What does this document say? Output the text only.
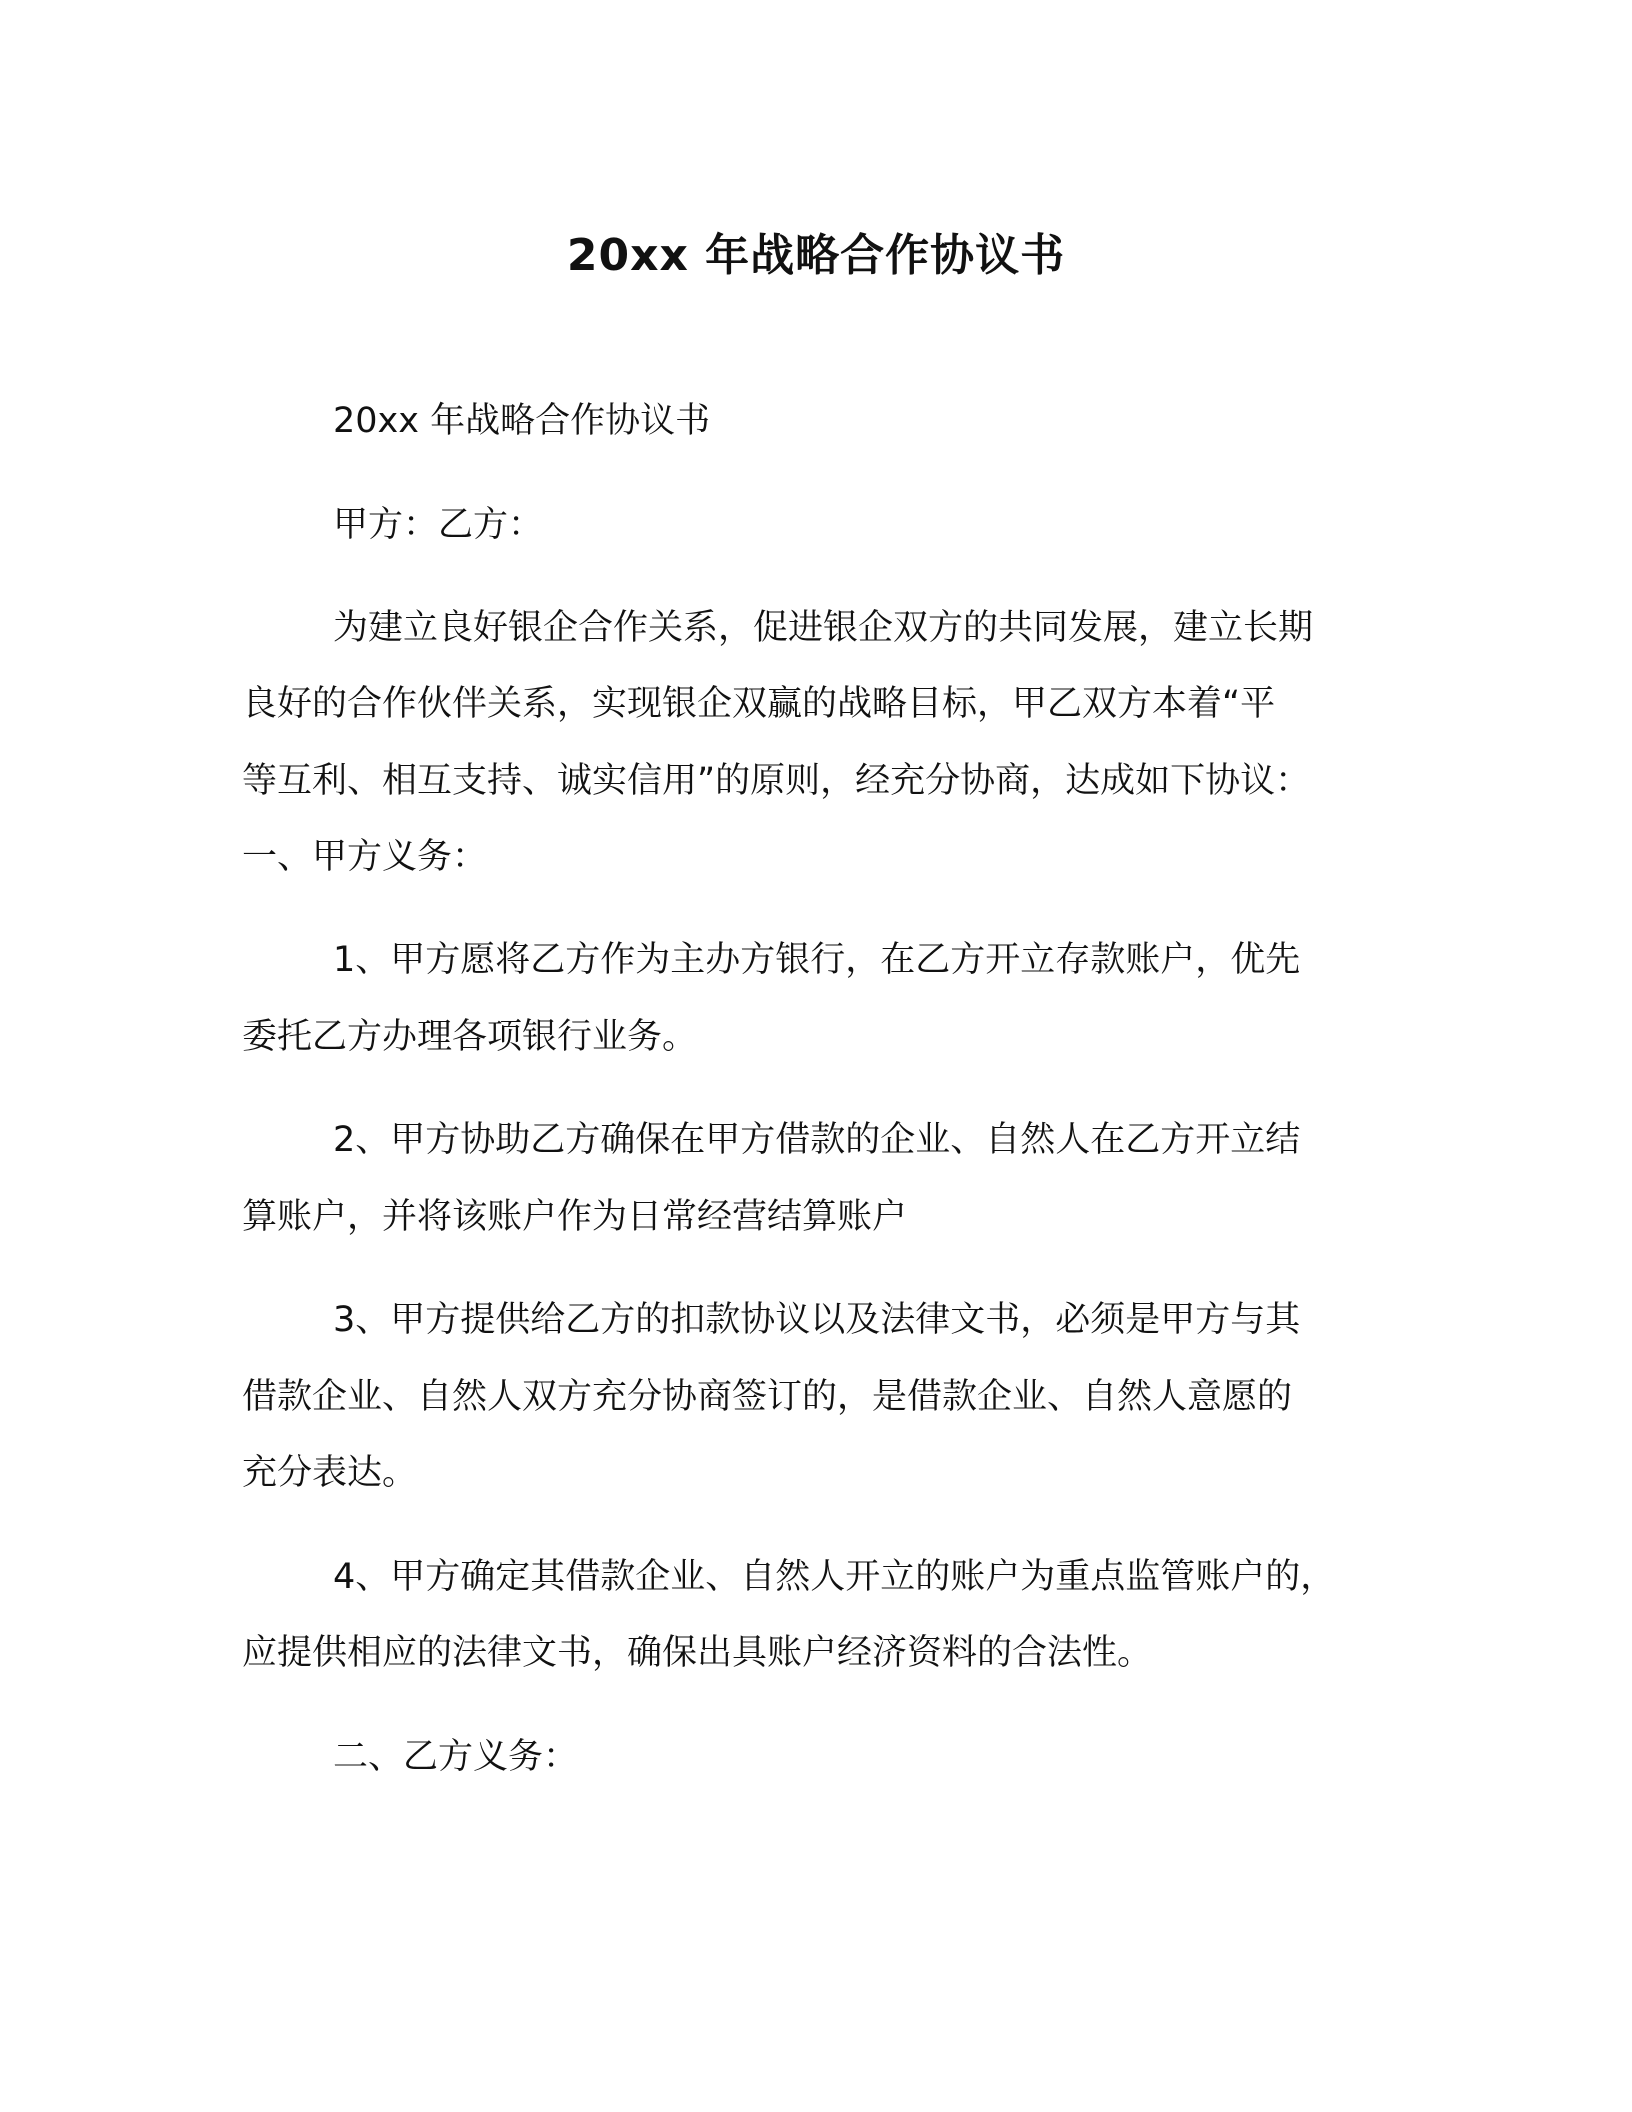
20xx 年战略合作协议书
20xx 年战略合作协议书
甲方：乙方：
为建立良好银企合作关系，促进银企双方的共同发展，建立长期
良好的合作伙伴关系，实现银企双赢的战略目标，甲乙双方本着“平
等互利、相互支持、诚实信用”的原则，经充分协商，达成如下协议：
一、甲方义务：
1、甲方愿将乙方作为主办方银行，在乙方开立存款账户，优先
委托乙方办理各项银行业务。
2、甲方协助乙方确保在甲方借款的企业、自然人在乙方开立结
算账户，并将该账户作为日常经营结算账户
3、甲方提供给乙方的扣款协议以及法律文书，必须是甲方与其
借款企业、自然人双方充分协商签订的，是借款企业、自然人意愿的
充分表达。
4、甲方确定其借款企业、自然人开立的账户为重点监管账户的，
应提供相应的法律文书，确保出具账户经济资料的合法性。
二、乙方义务：
